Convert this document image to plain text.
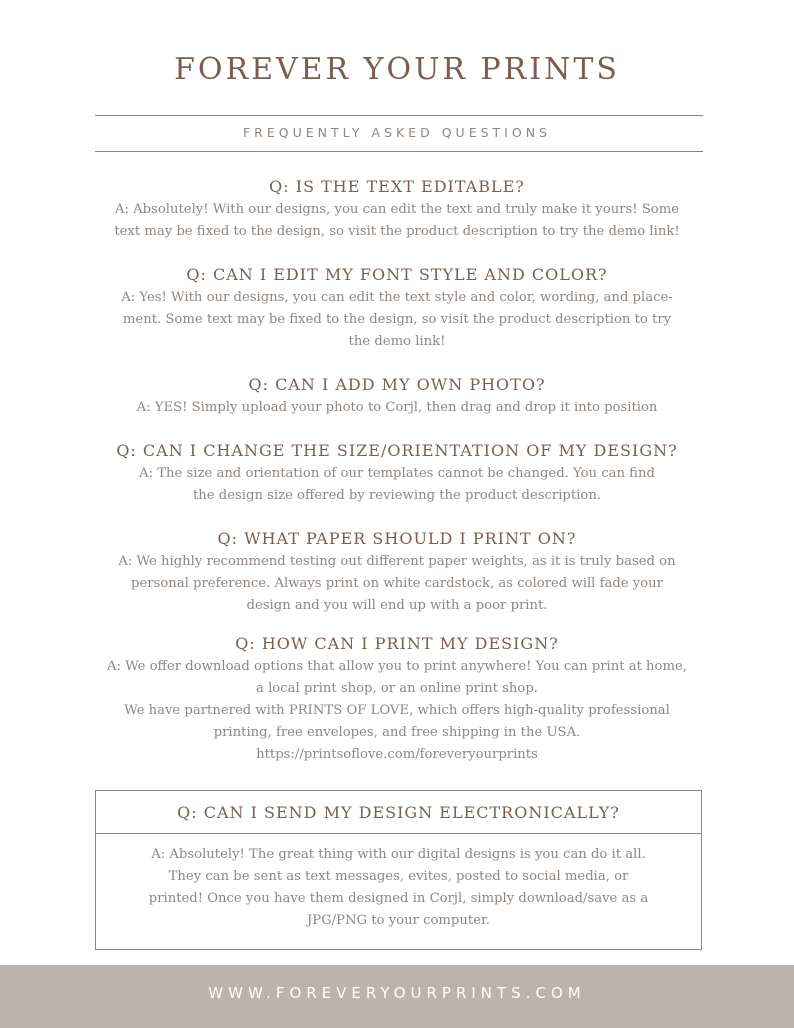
FOREVER YOUR PRINTS
FREQUENTLY ASKED QUESTIONS
Q: IS THE TEXT EDITABLE?
A: Absolutely! With our designs, you can edit the text and truly make it yours! Some
text may be fixed to the design, so visit the product description to try the demo link!
Q: CAN I EDIT MY FONT STYLE AND COLOR?
A: Yes! With our designs, you can edit the text style and color, wording, and place-
ment. Some text may be fixed to the design, so visit the product description to try
the demo link!
Q: CAN I ADD MY OWN PHOTO?
A: YES! Simply upload your photo to Corjl, then drag and drop it into position
Q: CAN I CHANGE THE SIZE/ORIENTATION OF MY DESIGN?
A: The size and orientation of our templates cannot be changed. You can find
the design size offered by reviewing the product description.
Q: WHAT PAPER SHOULD I PRINT ON?
A: We highly recommend testing out different paper weights, as it is truly based on
personal preference. Always print on white cardstock, as colored will fade your
design and you will end up with a poor print.
Q: HOW CAN I PRINT MY DESIGN?
A: We offer download options that allow you to print anywhere! You can print at home,
a local print shop, or an online print shop.
We have partnered with PRINTS OF LOVE, which offers high-quality professional
printing, free envelopes, and free shipping in the USA.
https://printsoflove.com/foreveryourprints
Q: CAN I SEND MY DESIGN ELECTRONICALLY?
A: Absolutely! The great thing with our digital designs is you can do it all.
They can be sent as text messages, evites, posted to social media, or
printed! Once you have them designed in Corjl, simply download/save as a
JPG/PNG to your computer.
WWW.FOREVERYOURPRINTS.COM
